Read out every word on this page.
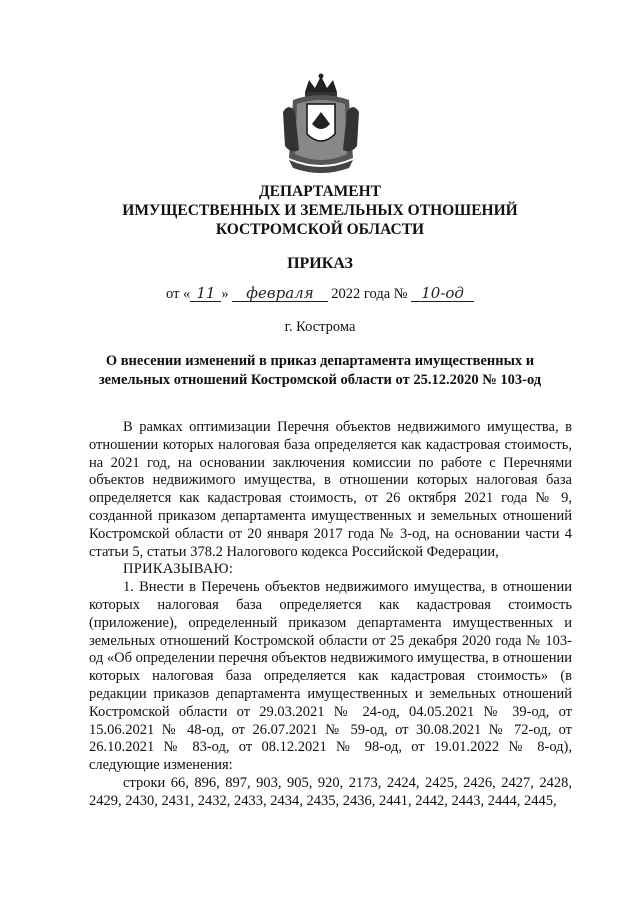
ДЕПАРТАМЕНТ
ИМУЩЕСТВЕННЫХ И ЗЕМЕЛЬНЫХ ОТНОШЕНИЙ
КОСТРОМСКОЙ ОБЛАСТИ
ПРИКАЗ
от « 11 » февраля 2022 года № 10-од
г. Кострома
О внесении изменений в приказ департамента имущественных и земельных отношений Костромской области от 25.12.2020 № 103-од

В рамках оптимизации Перечня объектов недвижимого имущества, в отношении которых налоговая база определяется как кадастровая стоимость, на 2021 год, на основании заключения комиссии по работе с Перечнями объектов недвижимого имущества, в отношении которых налоговая база определяется как кадастровая стоимость, от 26 октября 2021 года № 9, созданной приказом департамента имущественных и земельных отношений Костромской области от 20 января 2017 года № 3-од, на основании части 4 статьи 5, статьи 378.2 Налогового кодекса Российской Федерации,

ПРИКАЗЫВАЮ:

1. Внести в Перечень объектов недвижимого имущества, в отношении которых налоговая база определяется как кадастровая стоимость (приложение), определенный приказом департамента имущественных и земельных отношений Костромской области от 25 декабря 2020 года № 103-од «Об определении перечня объектов недвижимого имущества, в отношении которых налоговая база определяется как кадастровая стоимость» (в редакции приказов департамента имущественных и земельных отношений Костромской области от 29.03.2021 № 24-од, 04.05.2021 № 39-од, от 15.06.2021 № 48-од, от 26.07.2021 № 59-од, от 30.08.2021 № 72-од, от 26.10.2021 № 83-од, от 08.12.2021 № 98-од, от 19.01.2022 № 8-од), следующие изменения:

строки 66, 896, 897, 903, 905, 920, 2173, 2424, 2425, 2426, 2427, 2428, 2429, 2430, 2431, 2432, 2433, 2434, 2435, 2436, 2441, 2442, 2443, 2444, 2445,
